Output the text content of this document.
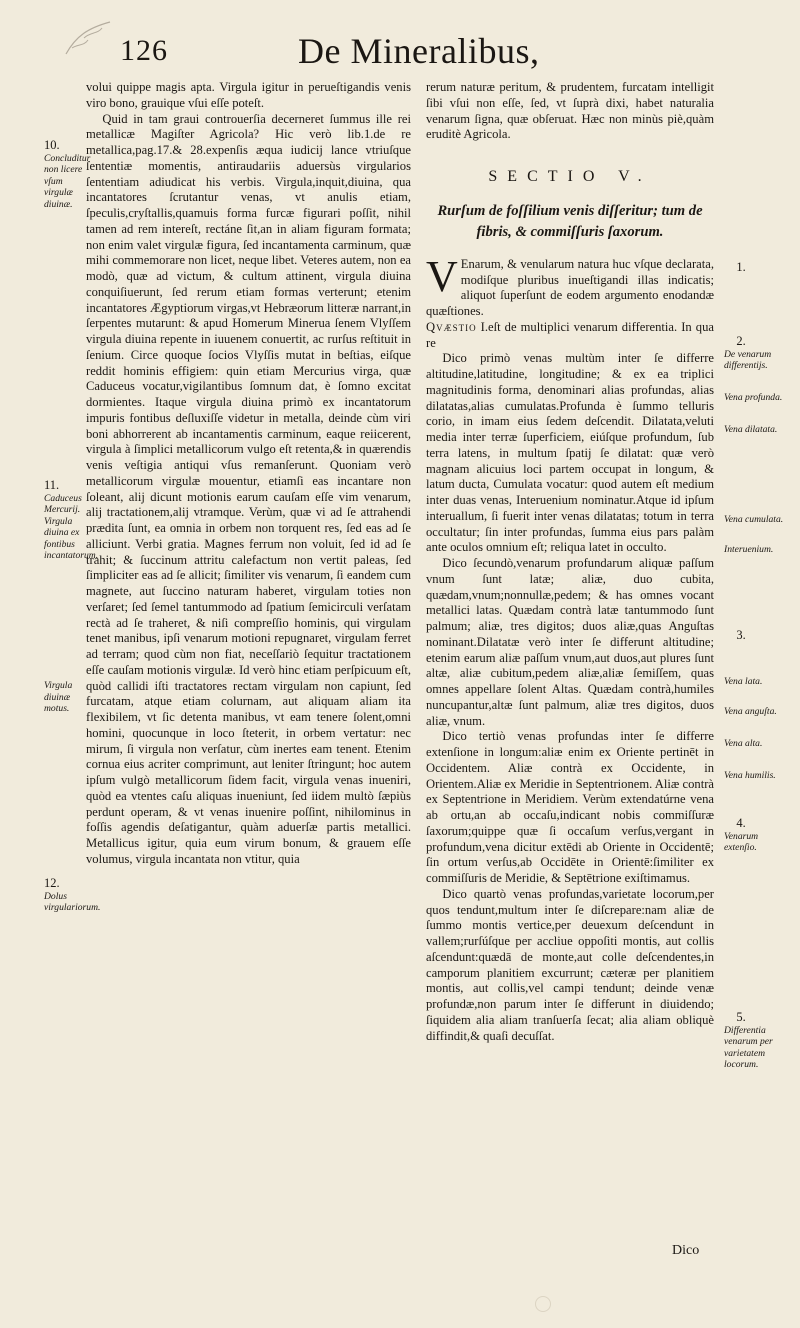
126	De Mineralibus,

volui quippe magis apta. Virgula igitur in perueſtigandis venis viro bono, grauique vſui eſſe poteſt.

Quid in tam graui controuerſia decerneret ſummus ille rei metallicæ Magiſter Agricola? Hic verò lib.1.de re metallica,pag.17.& 28.expenſis æqua iudicij lance vtriuſque ſententiæ momentis, antiraudariis aduersùs virgularios ſententiam adiudicat his verbis. Virgula,inquit,diuina, qua incantatores ſcrutantur venas, vt anulis etiam, ſpeculis,cryſtallis,quamuis forma furcæ figurari poſſit, nihil tamen ad rem intereſt, rectáne ſit,an in aliam figuram formata; non enim valet virgulæ figura, ſed incantamenta carminum, quæ mihi commemorare non licet, neque libet. Veteres autem, non ea modò, quæ ad victum, & cultum attinent, virgula diuina conquiſiuerunt, ſed rerum etiam formas verterunt; etenim incantatores Ægyptiorum virgas,vt Hebræorum litteræ narrant,in ſerpentes mutarunt: & apud Homerum Minerua ſenem Vlyſſem virgula diuina repente in iuuenem conuertit, ac rurſus reſtituit in ſenium. Circe quoque ſocios Vlyſſis mutat in beſtias, eiſque reddit hominis effigiem: quin etiam Mercurius virga, quæ Caduceus vocatur,vigilantibus ſomnum dat, è ſomno excitat dormientes. Itaque virgula diuina primò ex incantatorum impuris fontibus deſluxiſſe videtur in metalla, deinde cùm viri boni abhorrerent ab incantamentis carminum, eaque reiicerent, virgula à ſimplici metallicorum vulgo eſt retenta,& in quærendis venis veſtigia antiqui vſus remanſerunt. Quoniam verò metallicorum virgulæ mouentur, etiamſi eas incantare non ſoleant, alij dicunt motionis earum cauſam eſſe vim venarum, alij tractationem,alij vtramque. Verùm, quæ vi ad ſe attrahendi prædita ſunt, ea omnia in orbem non torquent res, ſed eas ad ſe alliciunt. Verbi gratia. Magnes ferrum non voluit, ſed id ad ſe trahit; & ſuccinum attritu calefactum non vertit paleas, ſed ſimpliciter eas ad ſe allicit; ſimiliter vis venarum, ſi eandem cum magnete, aut ſuccino naturam haberet, virgulam toties non verſaret; ſed ſemel tantummodo ad ſpatium ſemicirculi verſatam rectà ad ſe traheret, & niſi compreſſio hominis, qui virgulam tenet manibus, ipſi venarum motioni repugnaret, virgulam ferret ad terram; quod cùm non fiat, neceſſariò ſequitur tractationem eſſe cauſam motionis virgulæ. Id verò hinc etiam perſpicuum eſt, quòd callidi iſti tractatores rectam virgulam non capiunt, ſed furcatam, atque etiam colurnam, aut aliquam aliam ita flexibilem, vt ſic detenta manibus, vt eam tenere ſolent,omni homini, quocunque in loco ſteterit, in orbem vertatur: nec mirum, ſi virgula non verſatur, cùm inertes eam tenent. Etenim cornua eius acriter comprimunt, aut leniter ſtringunt; hoc autem ipſum vulgò metallicorum ſidem facit, virgula venas inueniri, quòd ea vtentes caſu aliquas inueniunt, ſed iidem multò ſæpiùs perdunt operam, & vt venas inuenire poſſint, nihilominus in foſſis agendis deſatigantur, quàm aduerſæ partis metallici. Metallicus igitur, quia eum virum bonum, & grauem eſſe volumus, virgula incantata non vtitur, quia

10.
Concluditur non licere vſum virgulæ diuinæ.
11.
Caduceus Mercurij. Virgula diuina ex fontibus incantatorum.
Virgula diuinæ motus.
12.
Dolus virgulariorum.

rerum naturæ peritum, & prudentem, furcatam intelligit ſibi vſui non eſſe, ſed, vt ſuprà dixi, habet naturalia venarum ſigna, quæ obſeruat. Hæc non minùs piè,quàm eruditè Agricola.

SECTIO V.
Rurſum de foſſilium venis diſſeritur; tum de fibris, & commiſſuris ſaxorum.

V Enarum, & venularum natura huc vſque declarata, modiſque pluribus inueſtigandi illas indicatis; aliquot ſuperſunt de eodem argumento enodandæ quæſtiones.

Qvæstio I.eſt de multiplici venarum differentia. In qua re

Dico primò venas multùm inter ſe differre altitudine,latitudine, longitudine; & ex ea triplici magnitudinis forma, denominari alias profundas, alias dilatatas,alias cumulatas.Profunda è ſummo telluris corio, in imam eius ſedem deſcendit. Dilatata,veluti media inter terræ ſuperficiem, eiúſque profundum, ſub terra latens, in multum ſpatij ſe dilatat: quæ verò magnam alicuius loci partem occupat in longum, & latum ducta, Cumulata vocatur: quod autem eſt medium inter duas venas, Interuenium nominatur.Atque id ipſum interuallum, ſi fuerit inter venas dilatatas; totum in terra occultatur; ſin inter profundas, ſumma eius pars palàm ante oculos omnium eſt; reliqua latet in occulto.

Dico ſecundò,venarum profundarum aliquæ paſſum vnum ſunt latæ; aliæ, duo cubita, quædam,vnum;nonnullæ,pedem; & has omnes vocant metallici latas. Quædam contrà latæ tantummodo ſunt palmum; aliæ, tres digitos; duos aliæ,quas Anguſtas nominant.Dilatatæ verò inter ſe differunt altitudine; etenim earum aliæ paſſum vnum,aut duos,aut plures ſunt altæ, aliæ cubitum,pedem aliæ,aliæ ſemiſſem, quas omnes appellare ſolent Altas. Quædam contrà,humiles nuncupantur,altæ ſunt palmum, aliæ tres digitos, duos aliæ, vnum.

Dico tertiò venas profundas inter ſe differre extenſione in longum:aliæ enim ex Oriente pertinēt in Occidentem. Aliæ contrà ex Occidente, in Orientem.Aliæ ex Meridie in Septentrionem. Aliæ contrà ex Septentrione in Meridiem. Verùm extendatúrne vena ab ortu,an ab occaſu,indicant nobis commiſſuræ ſaxorum;quippe quæ ſi occaſum verſus,vergant in profundum,vena dicitur extēdi ab Oriente in Occidentē; ſin ortum verſus,ab Occidēte in Orientē:ſimiliter ex commiſſuris de Meridie, & Septētrione exiſtimamus.

Dico quartò venas profundas,varietate locorum,per quos tendunt,multum inter ſe diſcrepare:nam aliæ de ſummo montis vertice,per deuexum deſcendunt in vallem;rurſúſque per accliue oppoſiti montis, aut collis aſcendunt:quædā de monte,aut colle deſcendentes,in camporum planitiem excurrunt; cæteræ per planitiem montis, aut collis,vel campi tendunt; deinde venæ profundæ,non parum inter ſe differunt in diuidendo; ſiquidem alia aliam tranſuerſa ſecat; alia aliam obliquè diffindit,& quaſi decuſſat.

1.
2.
De venarum differentijs.
Vena profunda.
Vena dilatata.
Vena cumulata.
Interuenium.
3.
Vena lata.
Vena anguſta.
Vena alta.
Vena humilis.
4.
Venarum extenſio.
5.
Differentia venarum per varietatem locorum.
Dico
